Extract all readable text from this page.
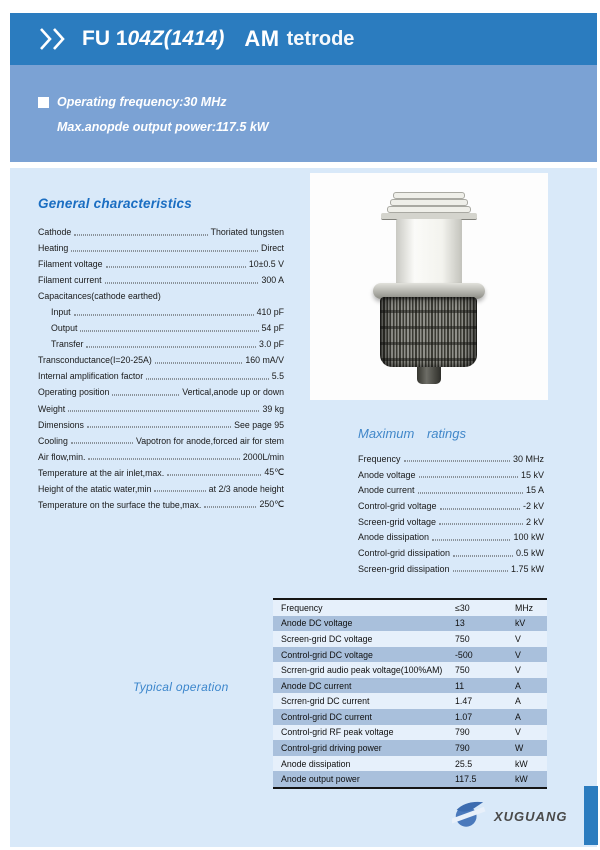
FU 1 04Z(1414) AM tetrode
Operating frequency:30 MHz
Max.anopde output power:117.5 kW
General characteristics
Cathode	Thoriated tungsten
Heating	Direct
Filament voltage	10±0.5 V
Filament current	300 A
Capacitances(cathode earthed)
Input	410 pF
Output	54 pF
Transfer	3.0 pF
Transconductance(I=20-25A)	160 mA/V
Internal amplification factor	5.5
Operating position	Vertical,anode up or down
Weight	39 kg
Dimensions	See page 95
Cooling	Vapotron for anode,forced air for stem
Air flow,min.	2000L/min
Temperature at the air inlet,max.	45℃
Height of the atatic water,min	at 2/3 anode height
Temperature on the surface the tube,max.	250℃
Maximum ratings
Frequency	30 MHz
Anode voltage	15 kV
Anode current	15 A
Control-grid voltage	-2 kV
Screen-grid voltage	2 kV
Anode dissipation	100 kW
Control-grid dissipation	0.5 kW
Screen-grid dissipation	1.75 kW
Typical operation
Frequency	≤30	MHz
Anode DC voltage	13	kV
Screen-grid DC voltage	750	V
Control-grid DC voltage	-500	V
Scrren-grid audio peak voltage(100%AM)	750	V
Anode DC current	11	A
Scrren-grid DC current	1.47	A
Control-grid DC current	1.07	A
Control-grid RF peak voltage	790	V
Control-grid driving power	790	W
Anode dissipation	25.5	kW
Anode output power	117.5	kW
XUGUANG
